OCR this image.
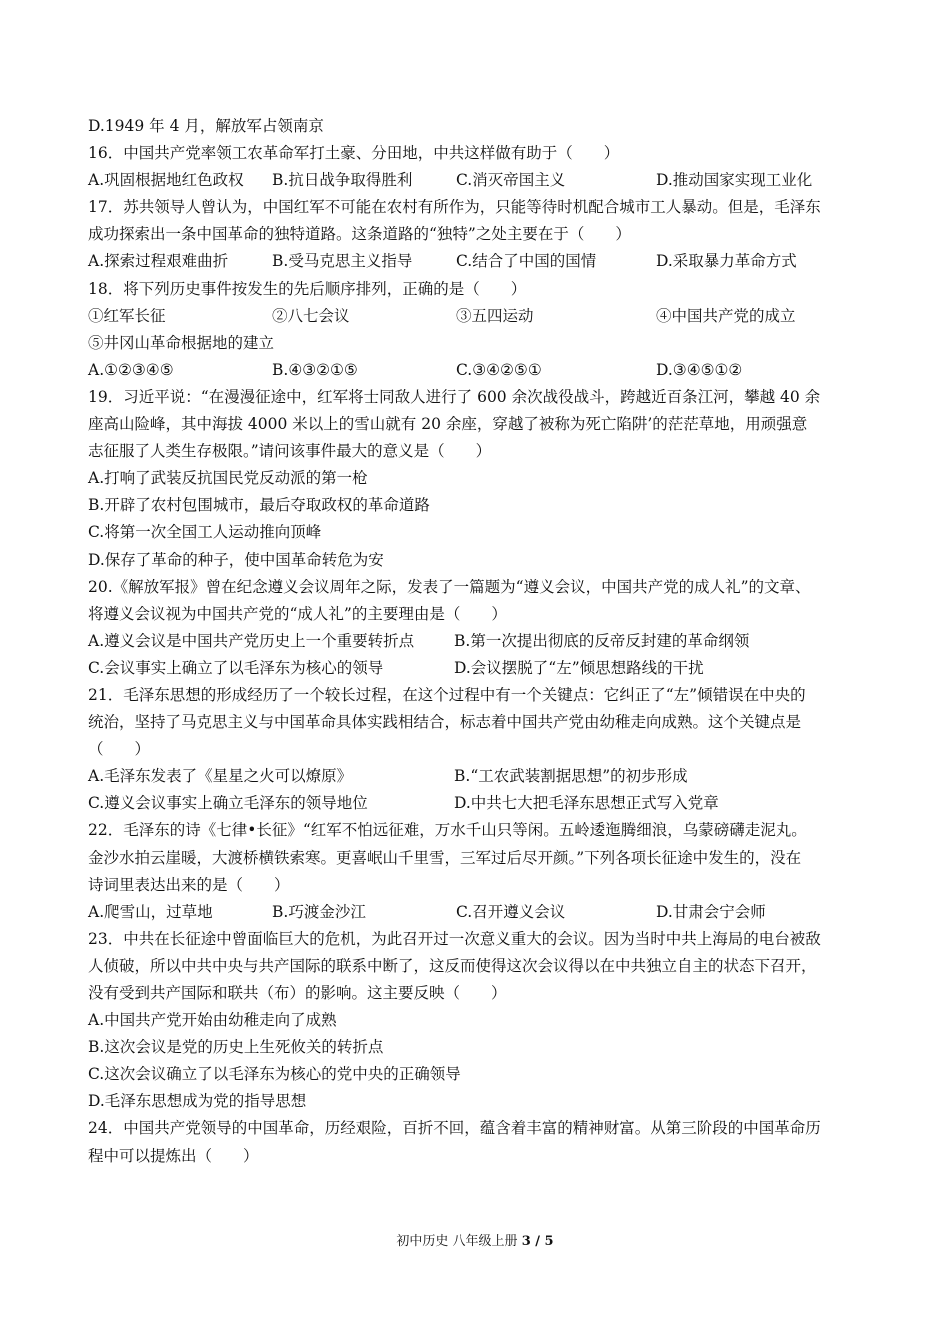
D.1949 年 4 月，解放军占领南京
16．中国共产党率领工农革命军打土豪、分田地，中共这样做有助于（　　）
A.巩固根据地红色政权	B.抗日战争取得胜利	C.消灭帝国主义	D.推动国家实现工业化
17．苏共领导人曾认为，中国红军不可能在农村有所作为，只能等待时机配合城市工人暴动。但是，毛泽东
成功探索出一条中国革命的独特道路。这条道路的“独特”之处主要在于（　　）
A.探索过程艰难曲折	B.受马克思主义指导	C.结合了中国的国情	D.采取暴力革命方式
18．将下列历史事件按发生的先后顺序排列，正确的是（　　）
①红军长征	②八七会议	③五四运动	④中国共产党的成立
⑤井冈山革命根据地的建立
A.①②③④⑤	B.④③②①⑤	C.③④②⑤①	D.③④⑤①②
19．习近平说：“在漫漫征途中，红军将士同敌人进行了 600 余次战役战斗，跨越近百条江河，攀越 40 余
座高山险峰，其中海拔 4000 米以上的雪山就有 20 余座，穿越了被称为死亡陷阱’的茫茫草地，用顽强意
志征服了人类生存极限。”请问该事件最大的意义是（　　）
A.打响了武装反抗国民党反动派的第一枪
B.开辟了农村包围城市，最后夺取政权的革命道路
C.将第一次全国工人运动推向顶峰
D.保存了革命的种子，使中国革命转危为安
20.《解放军报》曾在纪念遵义会议周年之际，发表了一篇题为“遵义会议，中国共产党的成人礼”的文章、
将遵义会议视为中国共产党的“成人礼”的主要理由是（　　）
A.遵义会议是中国共产党历史上一个重要转折点	B.第一次提出彻底的反帝反封建的革命纲领
C.会议事实上确立了以毛泽东为核心的领导	D.会议摆脱了“左”倾思想路线的干扰
21．毛泽东思想的形成经历了一个较长过程，在这个过程中有一个关键点：它纠正了“左”倾错误在中央的
统治，坚持了马克思主义与中国革命具体实践相结合，标志着中国共产党由幼稚走向成熟。这个关键点是
（　　）
A.毛泽东发表了《星星之火可以燎原》	B.“工农武装割据思想”的初步形成
C.遵义会议事实上确立毛泽东的领导地位	D.中共七大把毛泽东思想正式写入党章
22．毛泽东的诗《七律•长征》“红军不怕远征难，万水千山只等闲。五岭逶迤腾细浪，乌蒙磅礴走泥丸。
金沙水拍云崖暖，大渡桥横铁索寒。更喜岷山千里雪，三军过后尽开颜。”下列各项长征途中发生的，没在
诗词里表达出来的是（　　）
A.爬雪山，过草地	B.巧渡金沙江	C.召开遵义会议	D.甘肃会宁会师
23．中共在长征途中曾面临巨大的危机，为此召开过一次意义重大的会议。因为当时中共上海局的电台被敌
人侦破，所以中共中央与共产国际的联系中断了，这反而使得这次会议得以在中共独立自主的状态下召开，
没有受到共产国际和联共（布）的影响。这主要反映（　　）
A.中国共产党开始由幼稚走向了成熟
B.这次会议是党的历史上生死攸关的转折点
C.这次会议确立了以毛泽东为核心的党中央的正确领导
D.毛泽东思想成为党的指导思想
24．中国共产党领导的中国革命，历经艰险，百折不回，蕴含着丰富的精神财富。从第三阶段的中国革命历
程中可以提炼出（　　）
初中历史 八年级上册 3 / 5
